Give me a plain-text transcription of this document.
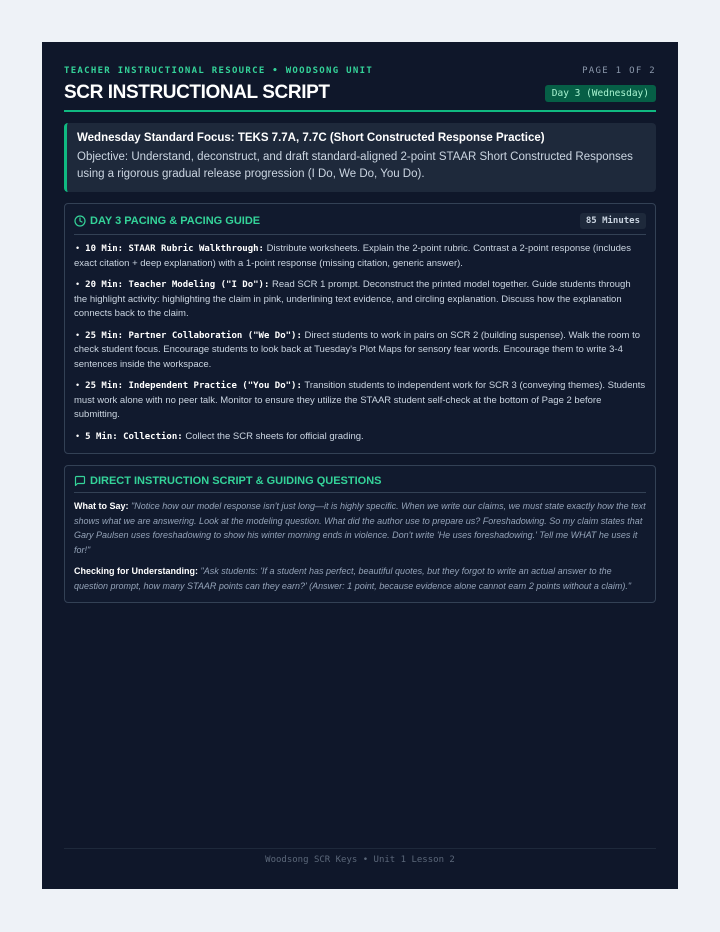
TEACHER INSTRUCTIONAL RESOURCE • WOODSONG UNIT	PAGE 1 OF 2
SCR INSTRUCTIONAL SCRIPT	Day 3 (Wednesday)
Wednesday Standard Focus: TEKS 7.7A, 7.7C (Short Constructed Response Practice)
Objective: Understand, deconstruct, and draft standard-aligned 2-point STAAR Short Constructed Responses using a rigorous gradual release progression (I Do, We Do, You Do).
DAY 3 PACING & PACING GUIDE	85 Minutes
• 10 Min: STAAR Rubric Walkthrough: Distribute worksheets. Explain the 2-point rubric. Contrast a 2-point response (includes exact citation + deep explanation) with a 1-point response (missing citation, generic answer).
• 20 Min: Teacher Modeling ("I Do"): Read SCR 1 prompt. Deconstruct the printed model together. Guide students through the highlight activity: highlighting the claim in pink, underlining text evidence, and circling explanation. Discuss how the explanation connects back to the claim.
• 25 Min: Partner Collaboration ("We Do"): Direct students to work in pairs on SCR 2 (building suspense). Walk the room to check student focus. Encourage students to look back at Tuesday's Plot Maps for sensory fear words. Encourage them to write 3-4 sentences inside the workspace.
• 25 Min: Independent Practice ("You Do"): Transition students to independent work for SCR 3 (conveying themes). Students must work alone with no peer talk. Monitor to ensure they utilize the STAAR student self-check at the bottom of Page 2 before submitting.
• 5 Min: Collection: Collect the SCR sheets for official grading.
DIRECT INSTRUCTION SCRIPT & GUIDING QUESTIONS
What to Say: "Notice how our model response isn't just long—it is highly specific. When we write our claims, we must state exactly how the text shows what we are answering. Look at the modeling question. What did the author use to prepare us? Foreshadowing. So my claim states that Gary Paulsen uses foreshadowing to show his winter morning ends in violence. Don't write 'He uses foreshadowing.' Tell me WHAT he uses it for!"
Checking for Understanding: "Ask students: 'If a student has perfect, beautiful quotes, but they forgot to write an actual answer to the question prompt, how many STAAR points can they earn?' (Answer: 1 point, because evidence alone cannot earn 2 points without a claim)."
Woodsong SCR Keys • Unit 1 Lesson 2
